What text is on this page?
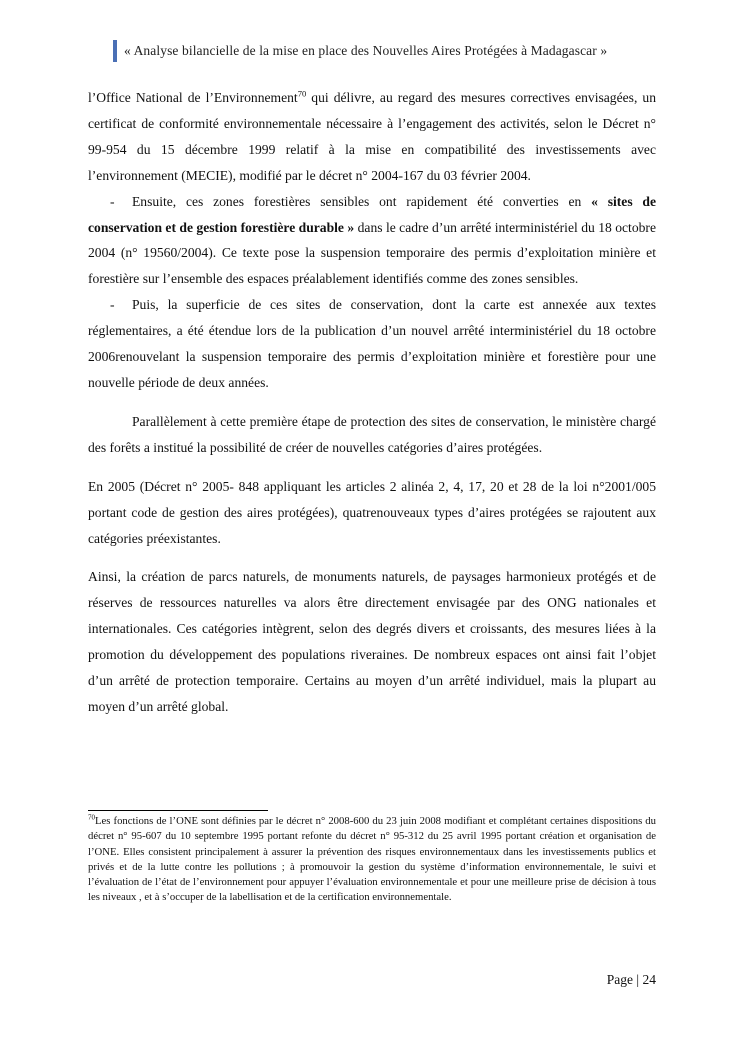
« Analyse bilancielle de la mise en place des Nouvelles Aires Protégées à Madagascar »

l’Office National de l’Environnement$^{70}$ qui délivre, au regard des mesures correctives envisagées, un certificat de conformité environnementale nécessaire à l’engagement des activités, selon le Décret n° 99-954 du 15 décembre 1999 relatif à la mise en compatibilité des investissements avec l’environnement (MECIE), modifié par le décret n° 2004-167 du 03 février 2004.

- Ensuite, ces zones forestières sensibles ont rapidement été converties en « sites de conservation et de gestion forestière durable » dans le cadre d’un arrêté interministériel du 18 octobre 2004 (n° 19560/2004). Ce texte pose la suspension temporaire des permis d’exploitation minière et forestière sur l’ensemble des espaces préalablement identifiés comme des zones sensibles.

- Puis, la superficie de ces sites de conservation, dont la carte est annexée aux textes réglementaires, a été étendue lors de la publication d’un nouvel arrêté interministériel du 18 octobre 2006renouvelant la suspension temporaire des permis d’exploitation minière et forestière pour une nouvelle période de deux années.

Parallèlement à cette première étape de protection des sites de conservation, le ministère chargé des forêts a institué la possibilité de créer de nouvelles catégories d’aires protégées.

En 2005 (Décret n° 2005- 848 appliquant les articles 2 alinéa 2, 4, 17, 20 et 28 de la loi n°2001/005 portant code de gestion des aires protégées), quatrenouveaux types d’aires protégées se rajoutent aux catégories préexistantes.

Ainsi, la création de parcs naturels, de monuments naturels, de paysages harmonieux protégés et de réserves de ressources naturelles va alors être directement envisagée par des ONG nationales et internationales. Ces catégories intègrent, selon des degrés divers et croissants, des mesures liées à la promotion du développement des populations riveraines. De nombreux espaces ont ainsi fait l’objet d’un arrêté de protection temporaire. Certains au moyen d’un arrêté individuel, mais la plupart au moyen d’un arrêté global.

$^{70}$Les fonctions de l’ONE sont définies par le décret n° 2008-600 du 23 juin 2008 modifiant et complétant certaines dispositions du décret n° 95-607 du 10 septembre 1995 portant refonte du décret n° 95-312 du 25 avril 1995 portant création et organisation de l’ONE. Elles consistent principalement à assurer la prévention des risques environnementaux dans les investissements publics et privés et de la lutte contre les pollutions ; à promouvoir la gestion du système d’information environnementale, le suivi et l’évaluation de l’état de l’environnement pour appuyer l’évaluation environnementale et pour une meilleure prise de décision à tous les niveaux , et à s’occuper de la labellisation et de la certification environnementale.
Page | 24
